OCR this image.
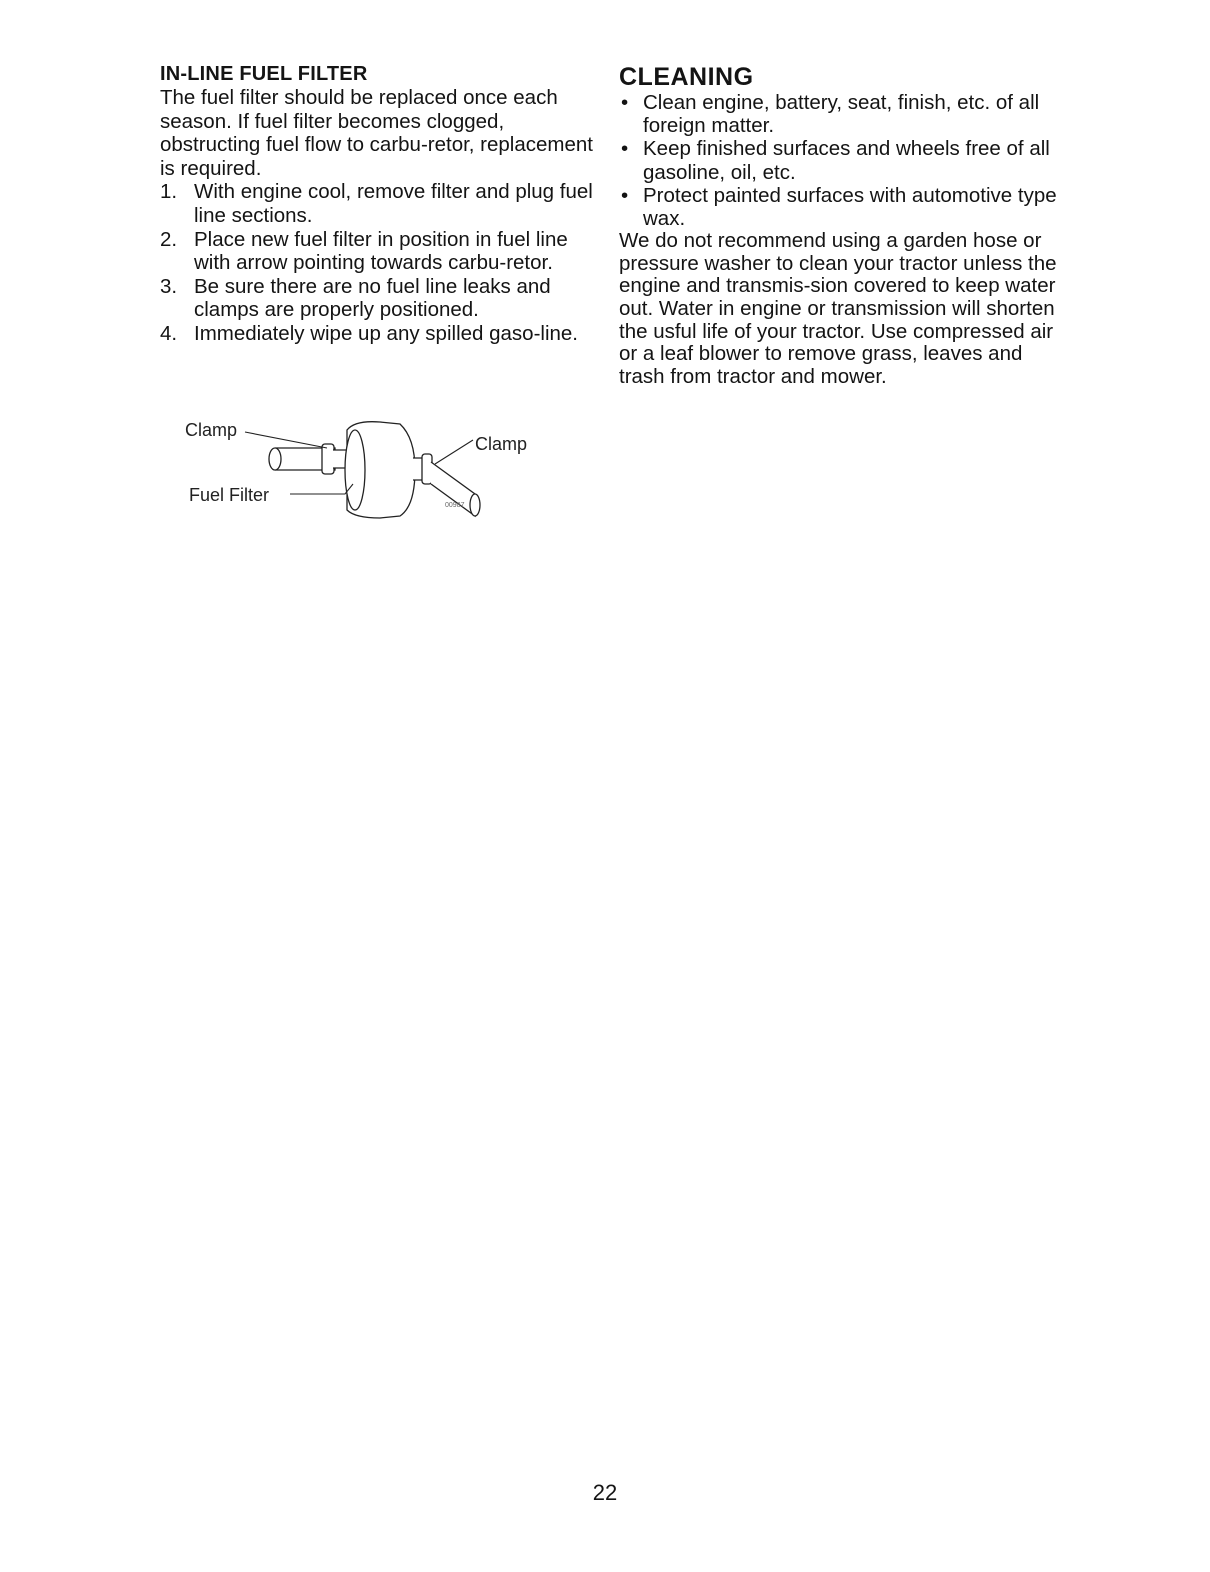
IN-LINE FUEL FILTER

The fuel filter should be replaced once each season. If fuel filter becomes clogged, obstructing fuel flow to carbu-retor, replacement is required.

1. With engine cool, remove filter and plug fuel line sections.
2. Place new fuel filter in position in fuel line with arrow pointing towards carbu-retor.
3. Be sure there are no fuel line leaks and clamps are properly positioned.
4. Immediately wipe up any spilled gaso-line.
Clamp
Clamp
Fuel Filter
00987
CLEANING
• Clean engine, battery, seat, finish, etc. of all foreign matter.
• Keep finished surfaces and wheels free of all gasoline, oil, etc.
• Protect painted surfaces with automotive type wax.

We do not recommend using a garden hose or pressure washer to clean your tractor unless the engine and transmis-sion covered to keep water out. Water in engine or transmission will shorten the usful life of your tractor. Use compressed air or a leaf blower to remove grass, leaves and trash from tractor and mower.

22
